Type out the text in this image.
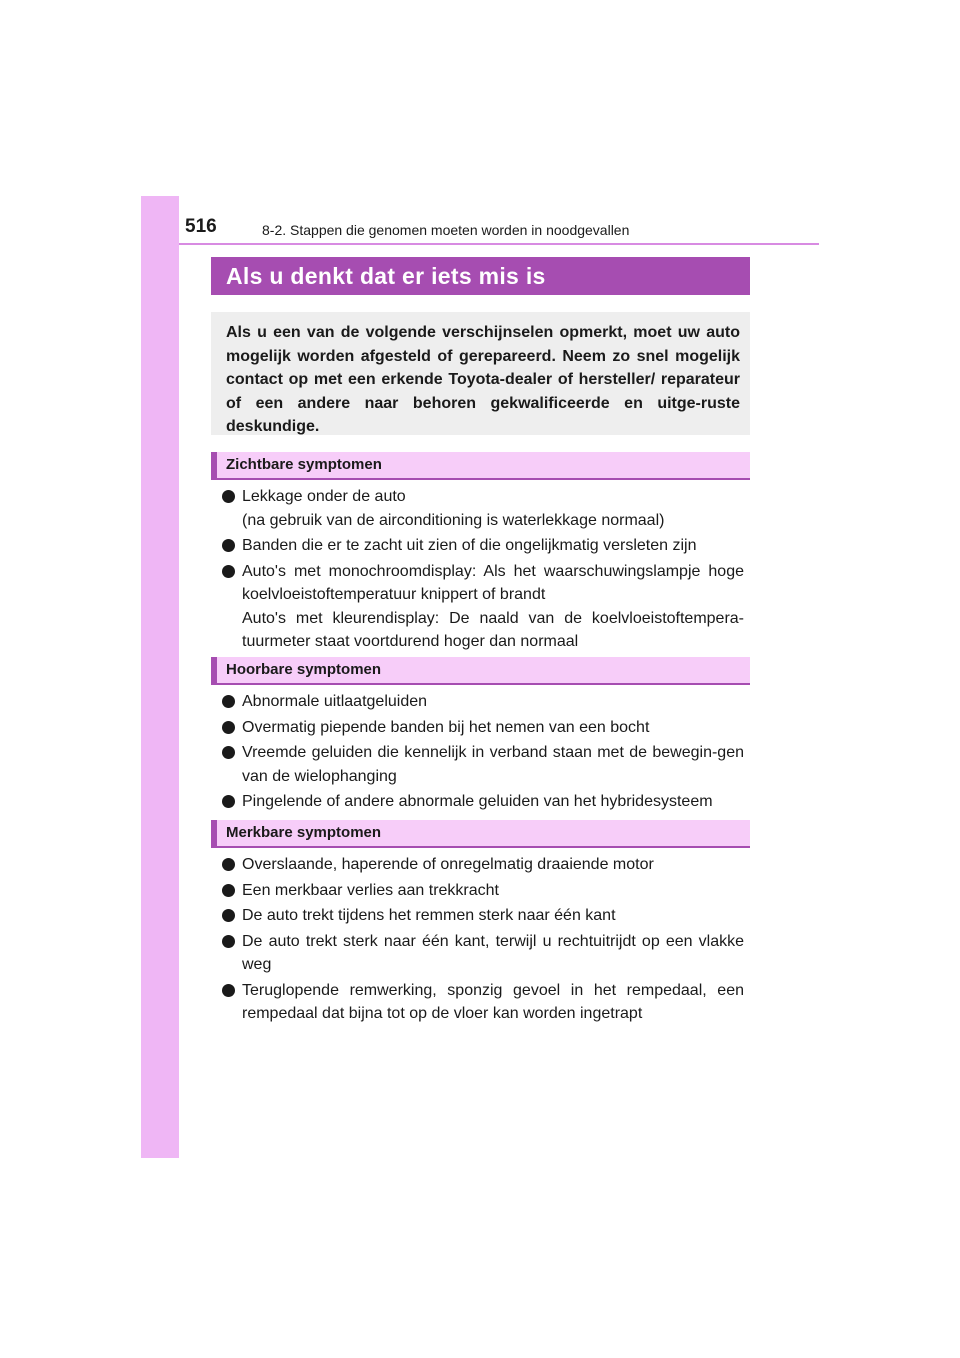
516	8-2. Stappen die genomen moeten worden in noodgevallen
Als u denkt dat er iets mis is

Als u een van de volgende verschijnselen opmerkt, moet uw auto mogelijk worden afgesteld of gerepareerd. Neem zo snel mogelijk contact op met een erkende Toyota-dealer of hersteller/ reparateur of een andere naar behoren gekwalificeerde en uitge-ruste deskundige.

Zichtbare symptomen
Lekkage onder de auto
(na gebruik van de airconditioning is waterlekkage normaal)
Banden die er te zacht uit zien of die ongelijkmatig versleten zijn
Auto's met monochroomdisplay: Als het waarschuwingslampje hoge koelvloeistoftemperatuur knippert of brandt
Auto's met kleurendisplay: De naald van de koelvloeistoftempera-tuurmeter staat voortdurend hoger dan normaal
Hoorbare symptomen
Abnormale uitlaatgeluiden
Overmatig piepende banden bij het nemen van een bocht
Vreemde geluiden die kennelijk in verband staan met de bewegin-gen van de wielophanging
Pingelende of andere abnormale geluiden van het hybridesysteem
Merkbare symptomen
Overslaande, haperende of onregelmatig draaiende motor
Een merkbaar verlies aan trekkracht
De auto trekt tijdens het remmen sterk naar één kant
De auto trekt sterk naar één kant, terwijl u rechtuitrijdt op een vlakke weg
Teruglopende remwerking, sponzig gevoel in het rempedaal, een rempedaal dat bijna tot op de vloer kan worden ingetrapt
